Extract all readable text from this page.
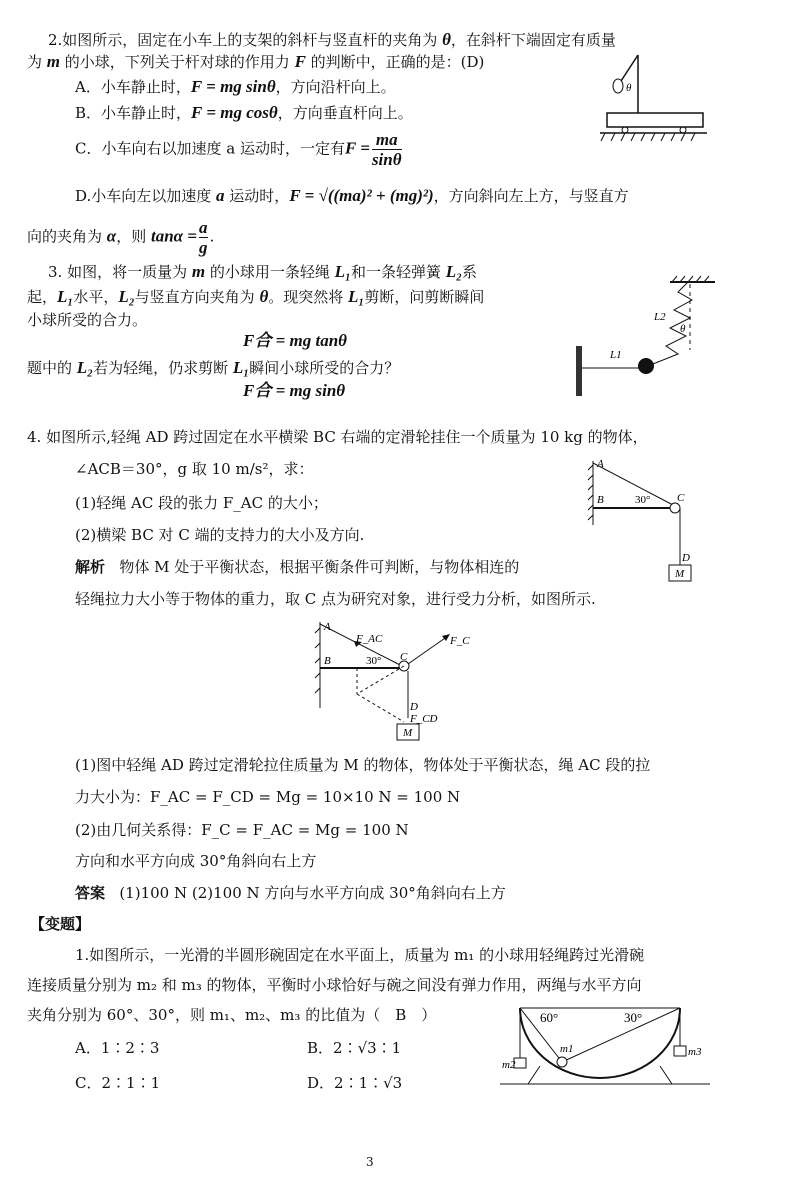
2.如图所示，固定在小车上的支架的斜杆与竖直杆的夹角为 θ，在斜杆下端固定有质量
为 m 的小球，下列关于杆对球的作用力 F 的判断中，正确的是：(D)
A．小车静止时，F = mg sinθ，方向沿杆向上。
B．小车静止时，F = mg cosθ，方向垂直杆向上。
C．小车向右以加速度 a 运动时，一定有$F = \frac{ma}{\sin\theta}$
D.小车向左以加速度 a 运动时，F = √((ma)² + (mg)²)，方向斜向左上方，与竖直方
向的夹角为 α，则 $\tan\alpha = \frac{a}{g}$ .
θ
3. 如图，将一质量为 m 的小球用一条轻绳 L₁和一条轻弹簧 L₂系
起，L₁水平，L₂与竖直方向夹角为 θ。现突然将 L₁剪断，问剪断瞬间
小球所受的合力。
F合 = mg tanθ
题中的 L₂若为轻绳，仍求剪断 L₁瞬间小球所受的合力？
F合 = mg sinθ
L2
θ
L1
4. 如图所示,轻绳 AD 跨过固定在水平横梁 BC 右端的定滑轮挂住一个质量为 10 kg 的物体，
∠ACB＝30°，g 取 10 m/s²，求：
(1)轻绳 AC 段的张力 F_AC 的大小；
(2)横梁 BC 对 C 端的支持力的大小及方向.
解析 物体 M 处于平衡状态，根据平衡条件可判断，与物体相连的
轻绳拉力大小等于物体的重力，取 C 点为研究对象，进行受力分析，如图所示.
A
B	30° C
D
M
A
B
F_AC
30° C
F_C
D
F_CD
M
(1)图中轻绳 AD 跨过定滑轮拉住质量为 M 的物体，物体处于平衡状态，绳 AC 段的拉
力大小为：F_AC = F_CD = Mg = 10×10 N = 100 N
(2)由几何关系得：F_C = F_AC = Mg = 100 N
方向和水平方向成 30°角斜向右上方
答案 (1)100 N (2)100 N 方向与水平方向成 30°角斜向右上方
【变题】
1.如图所示，一光滑的半圆形碗固定在水平面上，质量为 m₁ 的小球用轻绳跨过光滑碗
连接质量分别为 m₂ 和 m₃ 的物体，平衡时小球恰好与碗之间没有弹力作用，两绳与水平方向
夹角分别为 60°、30°，则 m₁、m₂、m₃ 的比值为（　B　）
A．1∶2∶3	B．2∶√3∶1
C．2∶1∶1	D．2∶1∶√3
60°	30°
m1
m2
m3
3
